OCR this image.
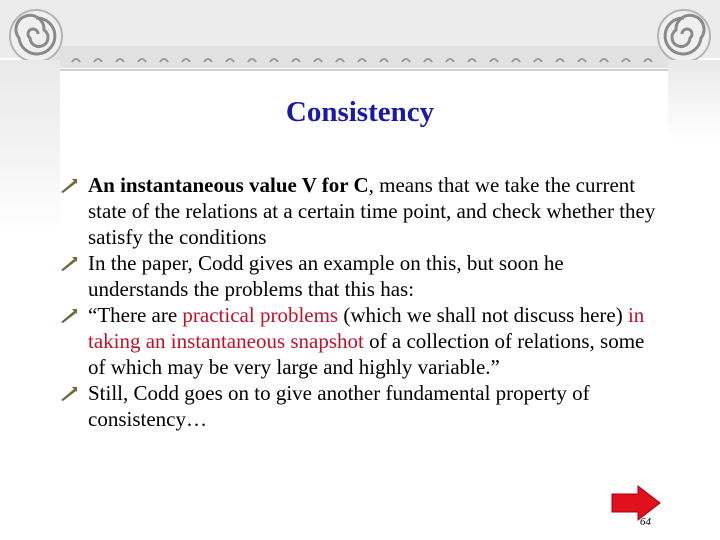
Consistency
An instantaneous value V for C, means that we take the current state of the relations at a certain time point, and check whether they satisfy the conditions
In the paper, Codd gives an example on this, but soon he understands the problems that this has:
“There are practical problems (which we shall not discuss here) in taking an instantaneous snapshot of a collection of relations, some of which may be very large and highly variable.”
Still, Codd goes on to give another fundamental property of consistency…
64
